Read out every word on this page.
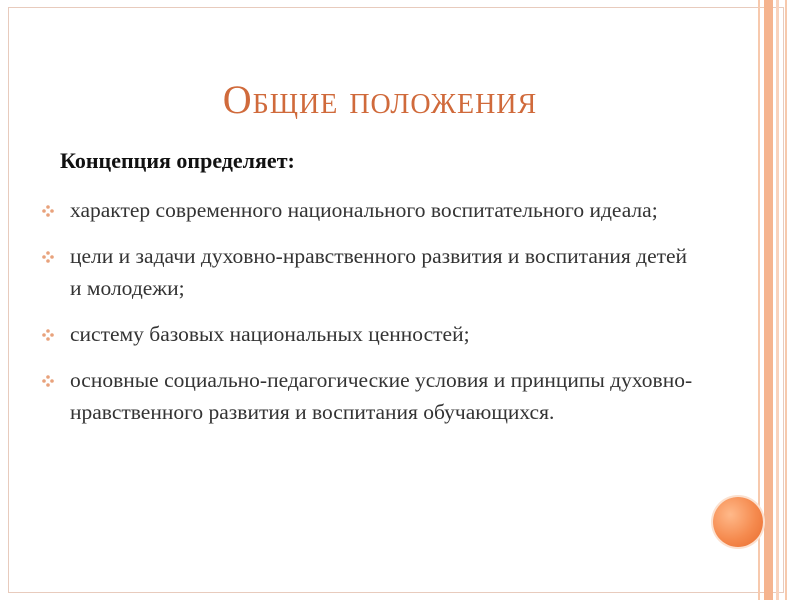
Общие положения
Концепция определяет:
характер современного национального воспитательного идеала;
цели и задачи духовно-нравственного развития и воспитания детей и молодежи;
систему базовых национальных ценностей;
основные социально-педагогические условия и принципы духовно-нравственного развития и воспитания обучающихся.
